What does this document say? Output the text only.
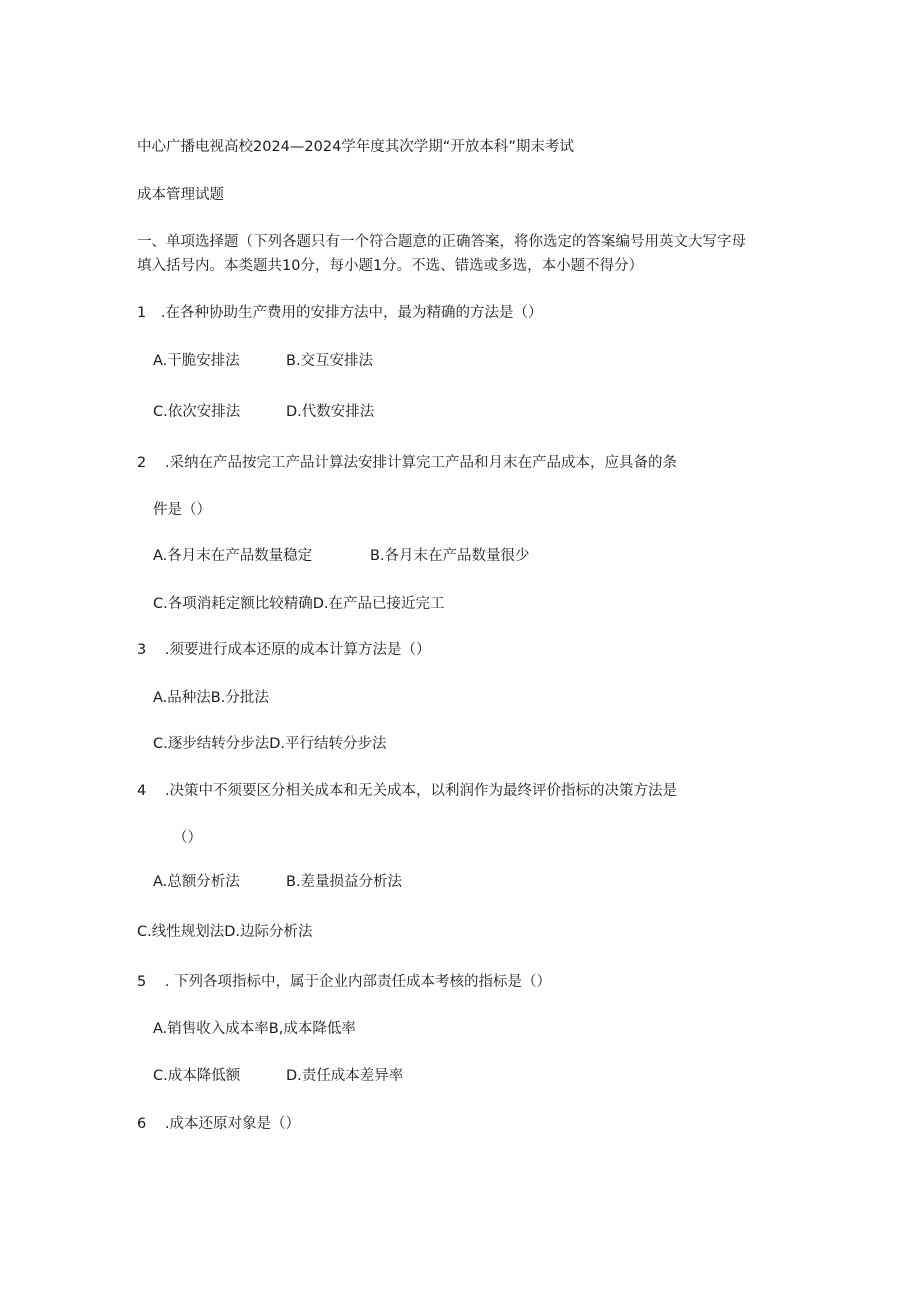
中心广播电视高校2024—2024学年度其次学期“开放本科”期末考试
成本管理试题
一、单项选择题（下列各题只有一个符合题意的正确答案，将你选定的答案编号用英文大写字母
填入括号内。本类题共10分，每小题1分。不选、错选或多选，本小题不得分）
1 .在各种协助生产费用的安排方法中，最为精确的方法是（）
A.干脆安排法	B.交互安排法
C.依次安排法	D.代数安排法
2 .采纳在产品按完工产品计算法安排计算完工产品和月末在产品成本，应具备的条
件是（）
A.各月末在产品数量稳定	B.各月末在产品数量很少
C.各项消耗定额比较精确D.在产品已接近完工
3 .须要进行成本还原的成本计算方法是（）
A.品种法B.分批法
C.逐步结转分步法D.平行结转分步法
4 .决策中不须要区分相关成本和无关成本，以利润作为最终评价指标的决策方法是
（）
A.总额分析法	B.差量损益分析法
C.线性规划法D.边际分析法
5 . 下列各项指标中，属于企业内部责任成本考核的指标是（）
A.销售收入成本率B,成本降低率
C.成本降低额	D.责任成本差异率
6 .成本还原对象是（）
